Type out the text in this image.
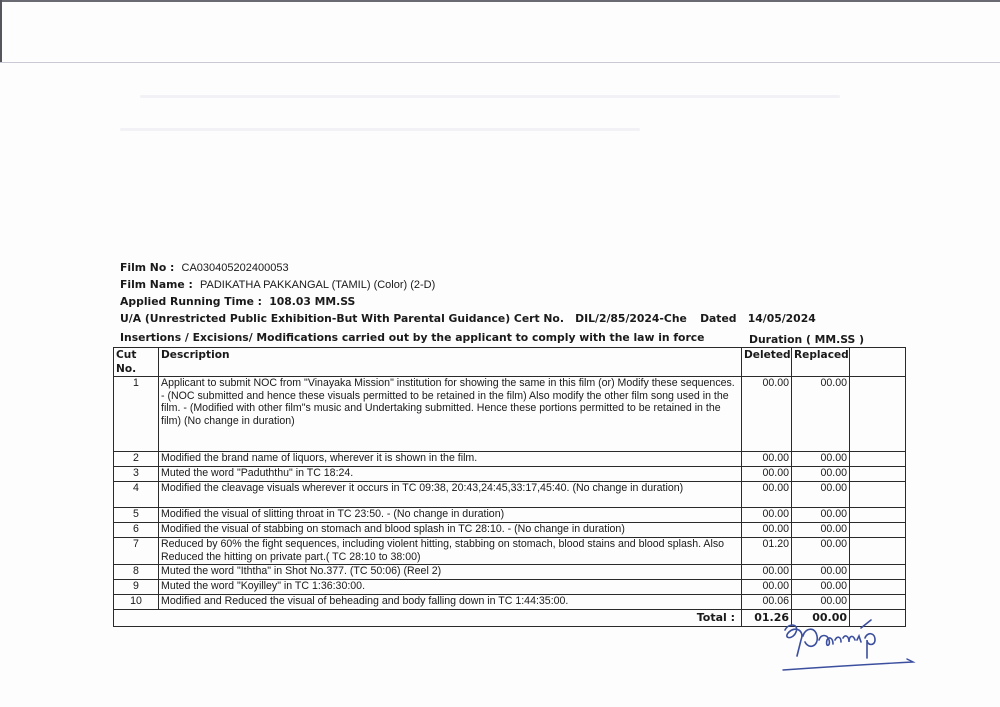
Film No : CA030405202400053
Film Name : PADIKATHA PAKKANGAL (TAMIL) (Color) (2-D)
Applied Running Time : 108.03 MM.SS
U/A (Unrestricted Public Exhibition-But With Parental Guidance) Cert No. DIL/2/85/2024-Che Dated 14/05/2024
Insertions / Excisions/ Modifications carried out by the applicant to comply with the law in force	Duration ( MM.SS )
Cut No.	Description	Deleted	Replaced	
1	Applicant to submit NOC from "Vinayaka Mission" institution for showing the same in this film (or) Modify these sequences. - (NOC submitted and hence these visuals permitted to be retained in the film) Also modify the other film song used in the film. - (Modified with other film"s music and Undertaking submitted. Hence these portions permitted to be retained in the film) (No change in duration)	00.00	00.00	
2	Modified the brand name of liquors, wherever it is shown in the film.	00.00	00.00	
3	Muted the word "Paduththu" in TC 18:24.	00.00	00.00	
4	Modified the cleavage visuals wherever it occurs in TC 09:38, 20:43,24:45,33:17,45:40. (No change in duration)	00.00	00.00	
5	Modified the visual of slitting throat in TC 23:50. - (No change in duration)	00.00	00.00	
6	Modified the visual of stabbing on stomach and blood splash in TC 28:10. - (No change in duration)	00.00	00.00	
7	Reduced by 60% the fight sequences, including violent hitting, stabbing on stomach, blood stains and blood splash. Also Reduced the hitting on private part.( TC 28:10 to 38:00)	01.20	00.00	
8	Muted the word "Iththa" in Shot No.377. (TC 50:06) (Reel 2)	00.00	00.00	
9	Muted the word "Koyilley" in TC 1:36:30:00.	00.00	00.00	
10	Modified and Reduced the visual of beheading and body falling down in TC 1:44:35:00.	00.06	00.00	
Total :		01.26	00.00	
